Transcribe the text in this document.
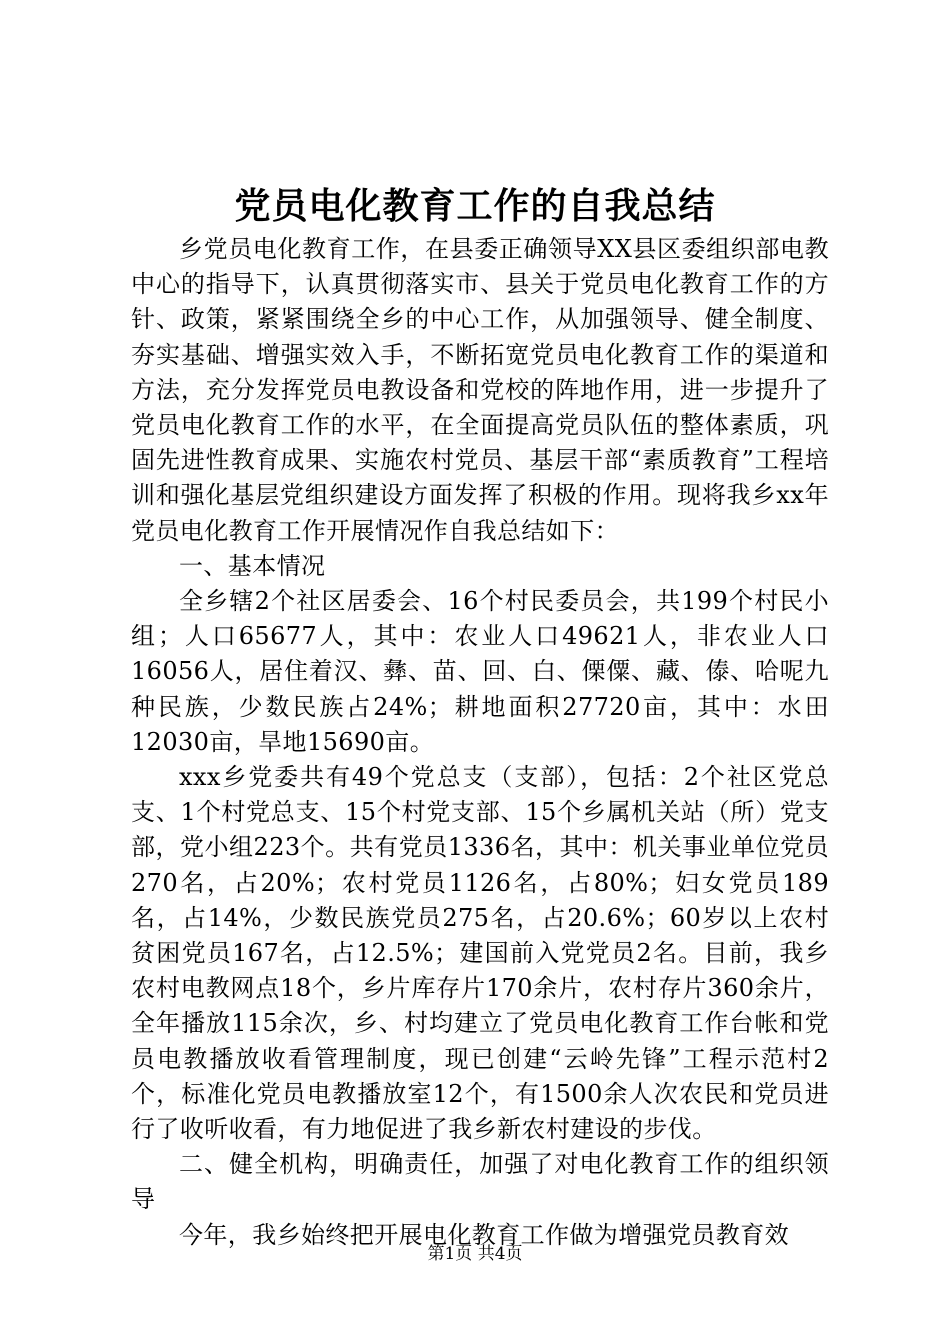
党员电化教育工作的自我总结

乡党员电化教育工作，在县委正确领导XX县区委组织部电教中心的指导下，认真贯彻落实市、县关于党员电化教育工作的方针、政策，紧紧围绕全乡的中心工作，从加强领导、健全制度、夯实基础、增强实效入手，不断拓宽党员电化教育工作的渠道和方法，充分发挥党员电教设备和党校的阵地作用，进一步提升了党员电化教育工作的水平，在全面提高党员队伍的整体素质，巩固先进性教育成果、实施农村党员、基层干部“素质教育”工程培训和强化基层党组织建设方面发挥了积极的作用。现将我乡xx年党员电化教育工作开展情况作自我总结如下：

一、基本情况

全乡辖2个社区居委会、16个村民委员会，共199个村民小组；人口65677人，其中：农业人口49621人，非农业人口16056人，居住着汉、彝、苗、回、白、傈僳、藏、傣、哈呢九种民族，少数民族占24%；耕地面积27720亩，其中：水田12030亩，旱地15690亩。

xxx乡党委共有49个党总支（支部），包括：2个社区党总支、1个村党总支、15个村党支部、15个乡属机关站（所）党支部，党小组223个。共有党员1336名，其中：机关事业单位党员270名，占20%；农村党员1126名，占80%；妇女党员189名，占14%，少数民族党员275名，占20.6%；60岁以上农村贫困党员167名，占12.5%；建国前入党党员2名。目前，我乡农村电教网点18个，乡片库存片170余片，农村存片360余片，全年播放115余次，乡、村均建立了党员电化教育工作台帐和党员电教播放收看管理制度，现已创建“云岭先锋”工程示范村2个，标准化党员电教播放室12个，有1500余人次农民和党员进行了收听收看，有力地促进了我乡新农村建设的步伐。

二、健全机构，明确责任，加强了对电化教育工作的组织领导

今年，我乡始终把开展电化教育工作做为增强党员教育效

第1页 共4页
